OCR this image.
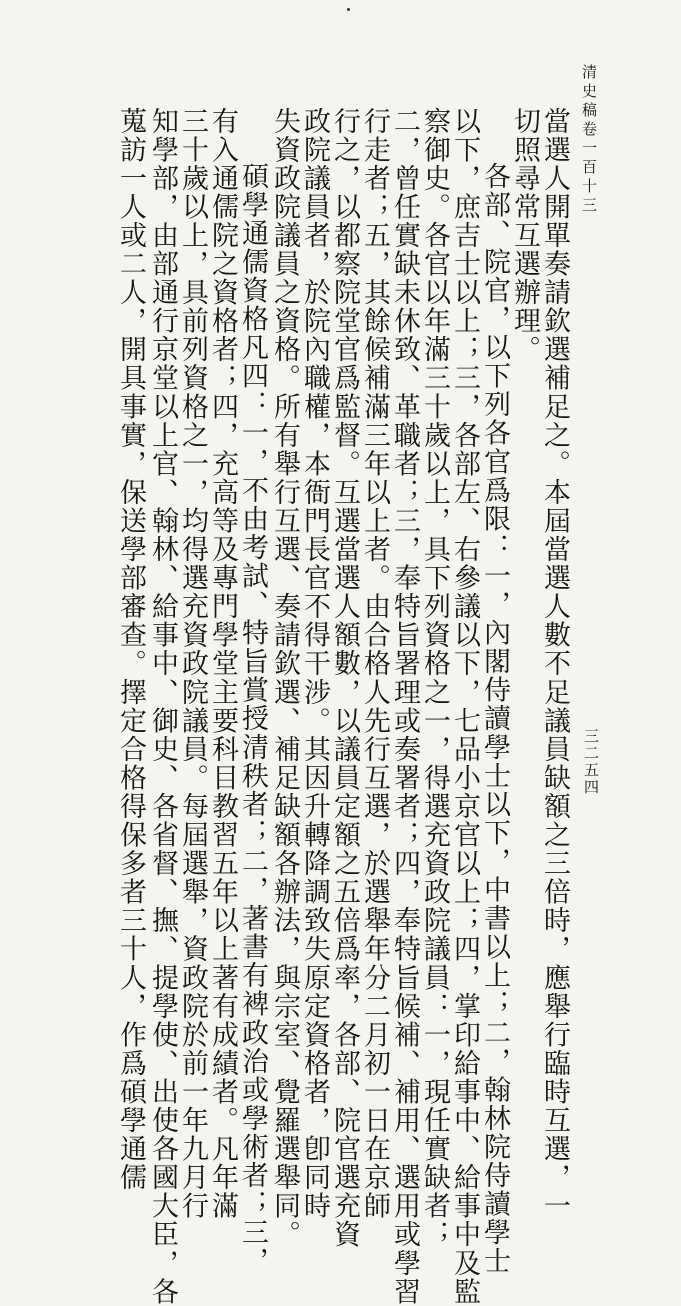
清史稿卷一百十三
三二五四
當選人開單奏請欽選補足之。本屆當選人數不足議員缺額之三倍時，應舉行臨時互選，一
切照尋常互選辦理。
各部、院官，以下列各官爲限：一，內閣侍讀學士以下，中書以上；二，翰林院侍讀學士
以下，庶吉士以上；三，各部左、右參議以下，七品小京官以上；四，掌印給事中、給事中及監
察御史。各官以年滿三十歲以上，具下列資格之一，得選充資政院議員：一，現任實缺者；
二，曾任實缺未休致、革職者；三，奉特旨署理或奏署者；四，奉特旨候補、補用、選用或學習
行走者；五，其餘候補滿三年以上者。由合格人先行互選，於選舉年分二月初一日在京師
行之，以都察院堂官爲監督。互選當選人額數，以議員定額之五倍爲率，各部、院官選充資
政院議員者，於院內職權，本衙門長官不得干涉。其因升轉降調致失原定資格者，卽同時
失資政院議員之資格。所有舉行互選、奏請欽選、補足缺額各辦法，與宗室、覺羅選舉同。
碩學通儒資格凡四：一，不由考試、特旨賞授清秩者；二，著書有裨政治或學術者；三，
有入通儒院之資格者；四，充高等及專門學堂主要科目教習五年以上著有成績者。凡年滿
三十歲以上，具前列資格之一，均得選充資政院議員。每屆選舉，資政院於前一年九月行
知學部，由部通行京堂以上官、翰林、給事中、御史、各省督、撫、提學使、出使各國大臣，各
蒐訪一人或二人，開具事實，保送學部審查。擇定合格得保多者三十人，作爲碩學通儒
